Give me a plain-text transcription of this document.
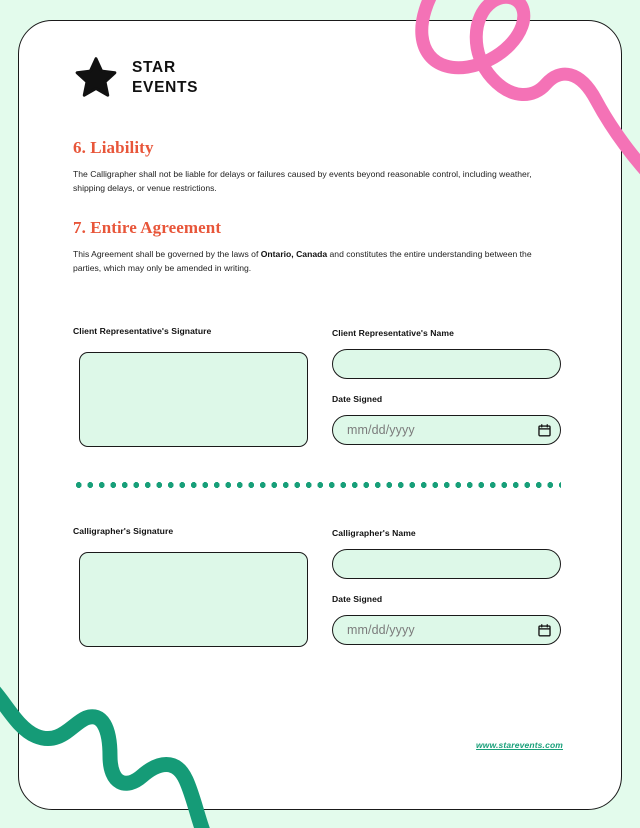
STAR
EVENTS
6. Liability
The Calligrapher shall not be liable for delays or failures caused by events beyond reasonable control, including weather, shipping delays, or venue restrictions.
7. Entire Agreement
This Agreement shall be governed by the laws of Ontario, Canada and constitutes the entire understanding between the parties, which may only be amended in writing.
Client Representative's Signature	Client Representative's Name
Date Signed
mm/dd/yyyy
Calligrapher's Signature	Calligrapher's Name
Date Signed
mm/dd/yyyy
www.starevents.com
